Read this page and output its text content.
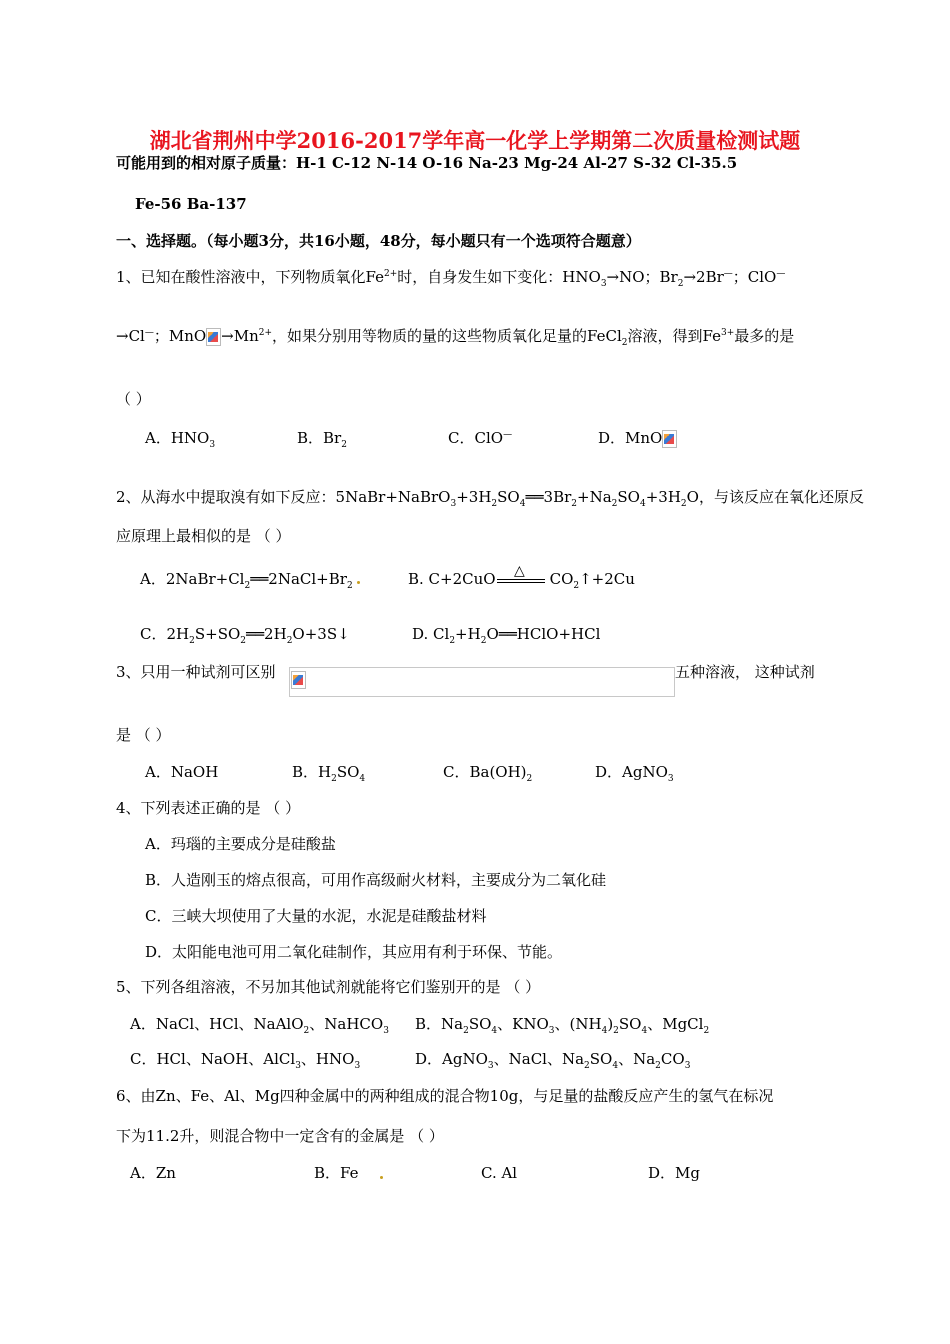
湖北省荆州中学2016-2017学年高一化学上学期第二次质量检测试题
可能用到的相对原子质量：H-1 C-12 N-14 O-16 Na-23 Mg-24 Al-27 S-32 Cl-35.5
Fe-56 Ba-137
一、选择题。（每小题3分，共16小题，48分，每小题只有一个选项符合题意）
1、已知在酸性溶液中，下列物质氧化$Fe^{2+}$时，自身发生如下变化：$HNO_3\to NO$；$Br_2\to 2Br^—$；ClO—
→Cl—；MnO $\to Mn^{2+}$，如果分别用等物质的量的这些物质氧化足量的FeCl$_2$溶液，得到$Fe^{3+}$最多的是
（ ）
A．$HNO_3$	B．$Br_2$	C．ClO—	D．MnO
2、从海水中提取溴有如下反应：$5NaBr+NaBrO_3+3H_2SO_4══3Br_2+Na_2SO_4+3H_2O$，与该反应在氧化还原反
应原理上最相似的是 （ ）
A．$2NaBr+Cl_2══2NaCl+Br_2$	B. C+2CuO	$CO_2↑+2Cu$
△
C．$2H_2S+SO_2══2H_2O+3S↓$	D. $Cl_2+H_2O══HClO+HCl$
3、只用一种试剂可区别	五种溶液， 这种试剂
是 （ ）
A．NaOH	B．$H_2SO_4$	C．$Ba(OH)_2$	D．AgNO$_3$
4、下列表述正确的是 （ ）
A．玛瑙的主要成分是硅酸盐
B．人造刚玉的熔点很高，可用作高级耐火材料，主要成分为二氧化硅
C．三峡大坝使用了大量的水泥，水泥是硅酸盐材料
D．太阳能电池可用二氧化硅制作，其应用有利于环保、节能。
5、下列各组溶液，不另加其他试剂就能将它们鉴别开的是 （ ）
A．NaCl、HCl、NaAlO$_2$、NaHCO$_3$ B．$Na_2SO_4$、$KNO_3$、$(NH_4)_2SO_4$、MgCl$_2$
C．HCl、NaOH、AlCl$_3$、$HNO_3$	D．AgNO$_3$、NaCl、$Na_2SO_4$、$Na_2CO_3$
6、由Zn、Fe、Al、Mg四种金属中的两种组成的混合物10g，与足量的盐酸反应产生的氢气在标况
下为11.2升，则混合物中一定含有的金属是 （ ）
A．Zn	B．Fe	C. Al	D．Mg
